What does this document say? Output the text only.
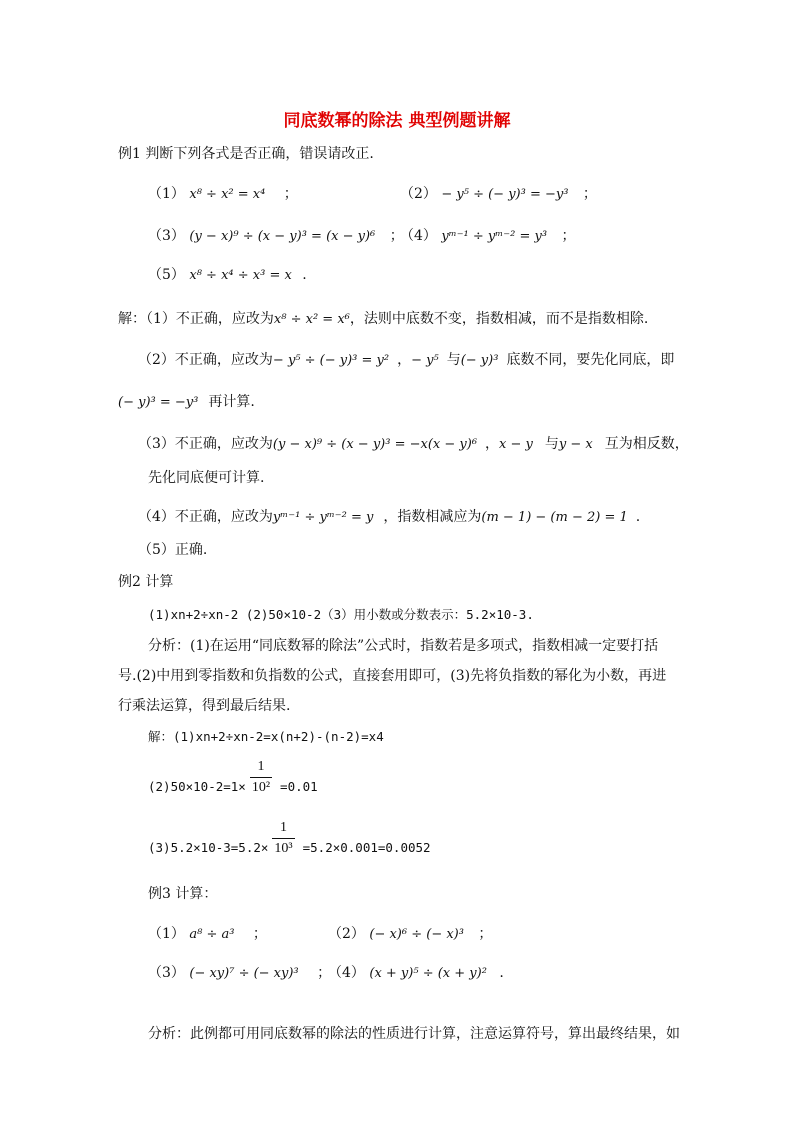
同底数幂的除法 典型例题讲解
例1 判断下列各式是否正确，错误请改正.
（1） x⁸ ÷ x² = x⁴ ；	（2） − y⁵ ÷ (− y)³ = −y³ ；
（3） (y − x)⁹ ÷ (x − y)³ = (x − y)⁶ ；
（4） yᵐ⁻¹ ÷ yᵐ⁻² = y³ ；
（5） x⁸ ÷ x⁴ ÷ x³ = x .
解：（1）不正确，应改为x⁸ ÷ x² = x⁶，法则中底数不变，指数相减，而不是指数相除.
（2）不正确，应改为− y⁵ ÷ (− y)³ = y² ，− y⁵ 与(− y)³ 底数不同，要先化同底，即
(− y)³ = −y³ 再计算.
（3）不正确，应改为(y − x)⁹ ÷ (x − y)³ = −x(x − y)⁶ ，x − y 与y − x 互为相反数，
先化同底便可计算.
（4）不正确，应改为yᵐ⁻¹ ÷ yᵐ⁻² = y ，指数相减应为(m − 1) − (m − 2) = 1 .
（5）正确.
例2 计算
(1)xn+2÷xn-2 (2)50×10-2（3）用小数或分数表示：5.2×10-3.
分析：(1)在运用“同底数幂的除法”公式时，指数若是多项式，指数相减一定要打括
号.(2)中用到零指数和负指数的公式，直接套用即可，(3)先将负指数的幂化为小数，再进
行乘法运算，得到最后结果.
解：(1)xn+2÷xn-2=x(n+2)-(n-2)=x4
$(2)50\times 10-2=1\times \frac{1}{\text{10²}} =0.01$
$(3)5.2\times 10-3=5.2\times \frac{1}{\text{10³}} =5.2\times 0.001=0.0052$
例3 计算：
（1） a⁸ ÷ a³ ；	（2） (− x)⁶ ÷ (− x)³ ；
（3） (− xy)⁷ ÷ (− xy)³ ；
（4） (x + y)⁵ ÷ (x + y)² .
分析：此例都可用同底数幂的除法的性质进行计算，注意运算符号，算出最终结果，如
